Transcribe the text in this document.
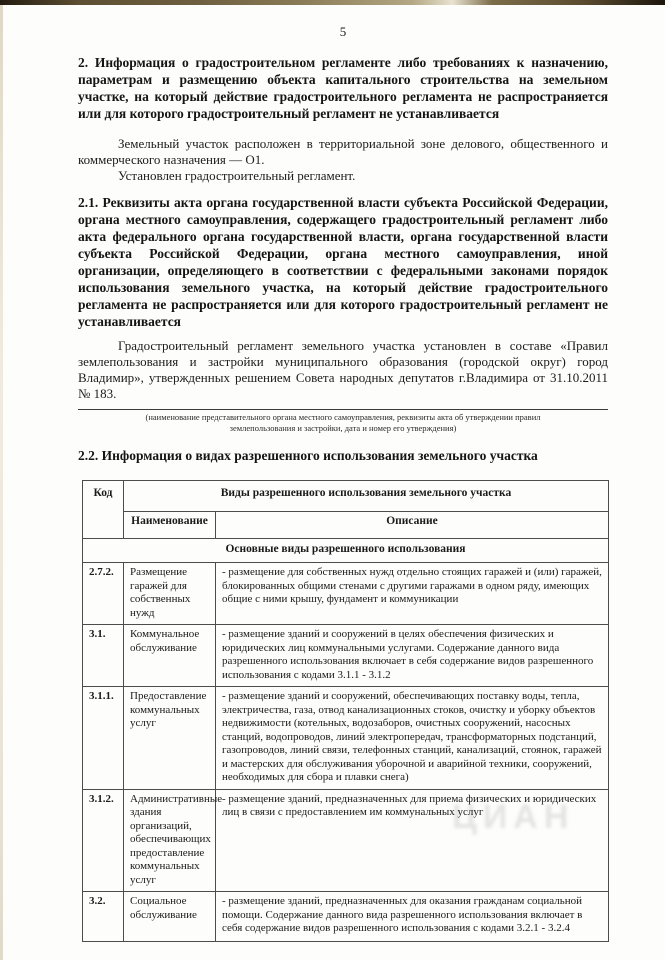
ЦИАН
5

2. Информация о градостроительном регламенте либо требованиях к назначению, параметрам и размещению объекта капитального строительства на земельном участке, на который действие градостроительного регламента не распространяется или для которого градостроительный регламент не устанавливается

Земельный участок расположен в территориальной зоне делового, общественного и коммерческого назначения — О1.

Установлен градостроительный регламент.

2.1. Реквизиты акта органа государственной власти субъекта Российской Федерации, органа местного самоуправления, содержащего градостроительный регламент либо акта федерального органа государственной власти, органа государственной власти субъекта Российской Федерации, органа местного самоуправления, иной организации, определяющего в соответствии с федеральными законами порядок использования земельного участка, на который действие градостроительного регламента не распространяется или для которого градостроительный регламент не устанавливается

Градостроительный регламент земельного участка установлен в составе «Правил землепользования и застройки муниципального образования (городской округ) город Владимир», утвержденных решением Совета народных депутатов г.Владимира от 31.10.2011 № 183.

(наименование представительного органа местного самоуправления, реквизиты акта об утверждении правил
землепользования и застройки, дата и номер его утверждения)

2.2. Информация о видах разрешенного использования земельного участка

Код	Виды разрешенного использования земельного участка	
	Наименование	Описание
Основные виды разрешенного использования		
2.7.2.	Размещение гаражей для собственных нужд	- размещение для собственных нужд отдельно стоящих гаражей и (или) гаражей, блокированных общими стенами с другими гаражами в одном ряду, имеющих общие с ними крышу, фундамент и коммуникации
3.1.	Коммунальное обслуживание	- размещение зданий и сооружений в целях обеспечения физических и юридических лиц коммунальными услугами. Содержание данного вида разрешенного использования включает в себя содержание видов разрешенного использования с кодами 3.1.1 - 3.1.2
3.1.1.	Предоставление коммунальных услуг	- размещение зданий и сооружений, обеспечивающих поставку воды, тепла, электричества, газа, отвод канализационных стоков, очистку и уборку объектов недвижимости (котельных, водозаборов, очистных сооружений, насосных станций, водопроводов, линий электропередач, трансформаторных подстанций, газопроводов, линий связи, телефонных станций, канализаций, стоянок, гаражей и мастерских для обслуживания уборочной и аварийной техники, сооружений, необходимых для сбора и плавки снега)
3.1.2.	Административные здания организаций, обеспечивающих предоставление коммунальных услуг	- размещение зданий, предназначенных для приема физических и юридических лиц в связи с предоставлением им коммунальных услуг
3.2.	Социальное обслуживание	- размещение зданий, предназначенных для оказания гражданам социальной помощи. Содержание данного вида разрешенного использования включает в себя содержание видов разрешенного использования с кодами 3.2.1 - 3.2.4
